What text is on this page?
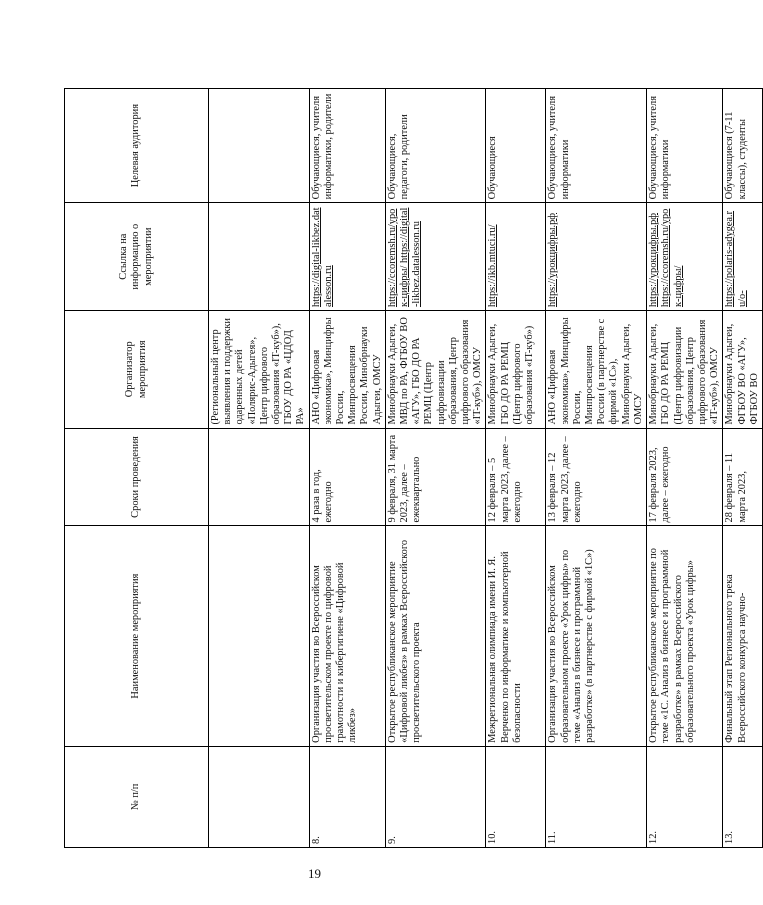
№ п/п	Наименование мероприятия	Сроки проведения	Организатор мероприятия	Ссылка на информацию о мероприятии	Целевая аудитория
			(Региональный центр выявления и поддержки одаренных детей «Полярис-Адыгея», Центр цифрового образования «IT-куб»), ГБОУ ДО РА «ЦДОД РА»		
8.	Организация участия во Всероссийском просветительском проекте по цифровой грамотности и кибергигиене «Цифровой ликбез»	4 раза в год, ежегодно	АНО «Цифровая экономика», Минцифры России, Минпросвещения России, Минобрнауки Адыгеи, ОМСУ	https://digital-likbez.datalesson.ru	Обучающиеся, учителя информатики, родители
9.	Открытое республиканское мероприятие «Цифровой ликбез» в рамках Всероссийского просветительского проекта	9 февраля, 31 марта 2023, далее – ежеквартально	Минобрнауки Адыгеи, МВД по РА, ФГБОУ ВО «АГУ», ГБО ДО РА РЕМЦ (Центр цифровизации образования, Центр цифрового образования «IT-куб»), ОМСУ	https://ccoremsh.ru/урок-цифры/ https://digital-likbez.datalesson.ru	Обучающиеся, педагоги, родители
10.	Межрегиональная олимпиада имени И. Я. Верченко по информатике и компьютерной безопасности	12 февраля – 5 марта 2023, далее – ежегодно	Минобрнауки Адыгеи, ГБО ДО РА РЕМЦ (Центр цифрового образования «IT-куб»)	https://ikb.mtuci.ru/	Обучающиеся
11.	Организация участия во Всероссийском образовательном проекте «Урок цифры» по теме «Анализ в бизнесе и программной разработке» (в партнерстве с фирмой «1С»)	13 февраля – 12 марта 2023, далее – ежегодно	АНО «Цифровая экономика», Минцифры России, Минпросвещения России (в партнерстве с фирмой «1С»), Минобрнауки Адыгеи, ОМСУ	https://урокцифры.рф	Обучающиеся, учителя информатики
12.	Открытое республиканское мероприятие по теме «1С. Анализ в бизнесе и программной разработке» в рамках Всероссийского образовательного проекта «Урок цифры»	17 февраля 2023, далее – ежегодно	Минобрнауки Адыгеи, ГБО ДО РА РЕМЦ (Центр цифровизации образования, Центр цифрового образования «IT-куб»), ОМСУ	https://урокцифры.рф https://ccoremsh.ru/урок-цифры/	Обучающиеся, учителя информатики
13.	Финальный этап Регионального трека Всероссийского конкурса научно-	28 февраля – 11 марта 2023,	Минобрнауки Адыгеи, ФГБОУ ВО «АГУ», ФГБОУ ВО	https://polaris-adygea.ru/o-	Обучающиеся (7-11 классы), студенты
19
